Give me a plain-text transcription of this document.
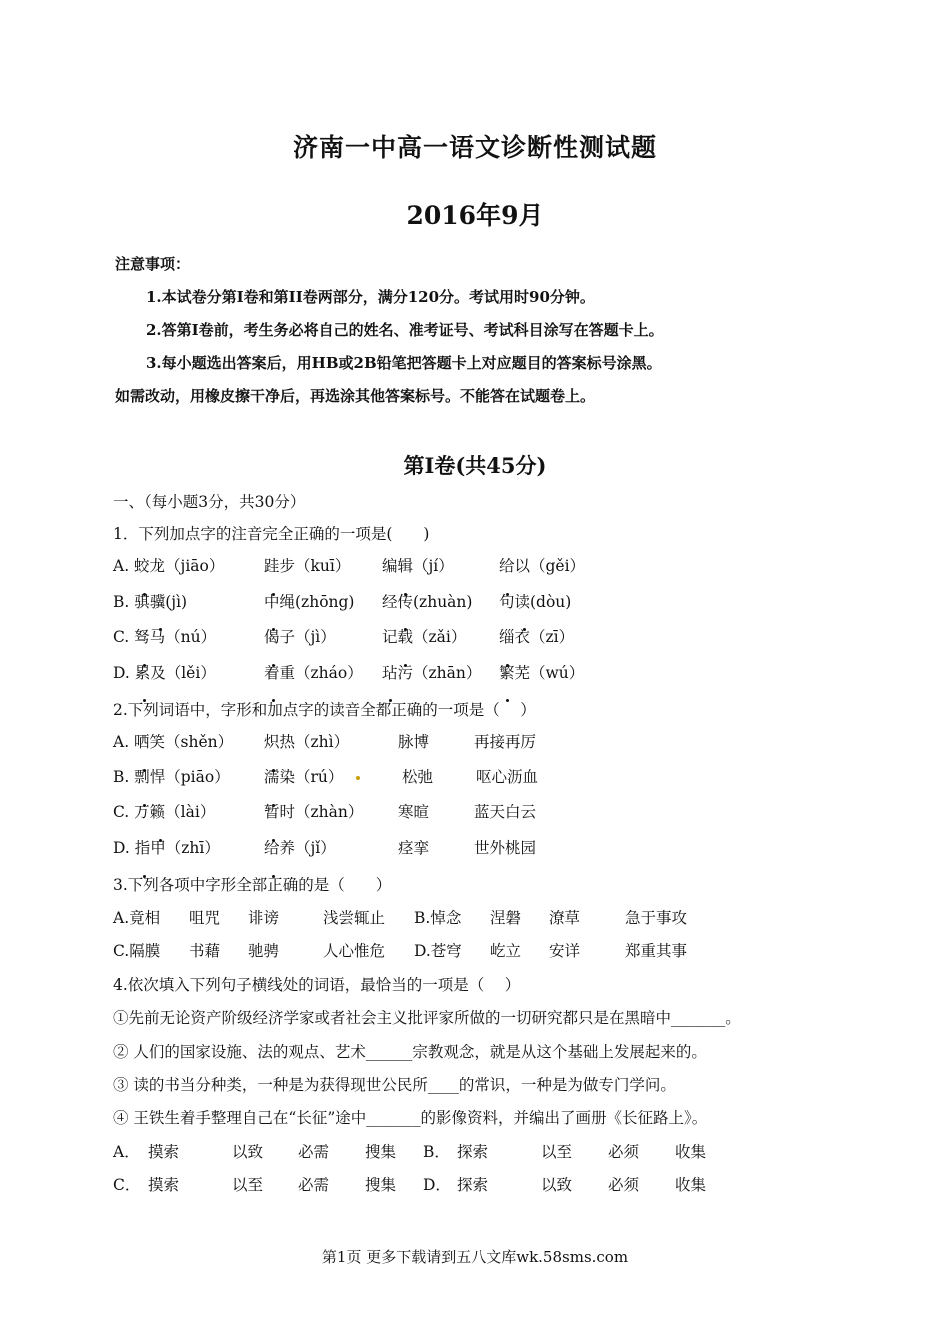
济南一中高一语文诊断性测试题
2016年9月
注意事项：
1.本试卷分第Ⅰ卷和第II卷两部分，满分120分。考试用时90分钟。
2.答第Ⅰ卷前，考生务必将自己的姓名、准考证号、考试科目涂写在答题卡上。
3.每小题选出答案后，用HB或2B铅笔把答题卡上对应题目的答案标号涂黑。
如需改动，用橡皮擦干净后，再选涂其他答案标号。不能答在试题卷上。
第Ⅰ卷(共45分)
一、（每小题3分，共30分）
1．下列加点字的注音完全正确的一项是(　　)
A. 蛟龙（jiāo）	跬步（kuī） 编辑（jí）	给以（gěi）
B. 骐骥(jì)	中绳(zhōng) 经传(zhuàn) 句读(dòu)
C. 驽马（nú）	偈子（jì）	记载（zǎi） 缁衣（zī）
D. 累及（lěi）	着重（zháo） 玷污（zhān） 繁芜（wú）
2.下列词语中，字形和加点字的读音全都正确的一项是（　 ）
A. 哂笑（shěn） 炽热（zhì）	脉博	再接再厉
B. 剽悍（piāo） 濡染（rú）	松弛	呕心沥血
C. 万籁（lài）	暂时（zhàn） 寒暄	蓝天白云
D. 指甲（zhī）	给养（jǐ）	痉挛	世外桃园
3.下列各项中字形全部正确的是（　　）
A.竟相 咀咒 诽谤	浅尝辄止 B.悼念 涅磐 潦草	急于事攻
C.隔膜 书藉 驰骋	人心惟危 D.苍穹 屹立 安详	郑重其事
4.依次填入下列句子横线处的词语，最恰当的一项是（　 ）
①先前无论资产阶级经济学家或者社会主义批评家所做的一切研究都只是在黑暗中_______。
② 人们的国家设施、法的观点、艺术______宗教观念，就是从这个基础上发展起来的。
③ 读的书当分种类，一种是为获得现世公民所____的常识，一种是为做专门学问。
④ 王铁生着手整理自己在“长征”途中_______的影像资料，并编出了画册《长征路上》。
A． 摸索	以致 必需 搜集 B． 探索	以至 必须 收集
C． 摸索	以至 必需 搜集 D． 探索	以致 必须 收集
第1页 更多下载请到五八文库wk.58sms.com
